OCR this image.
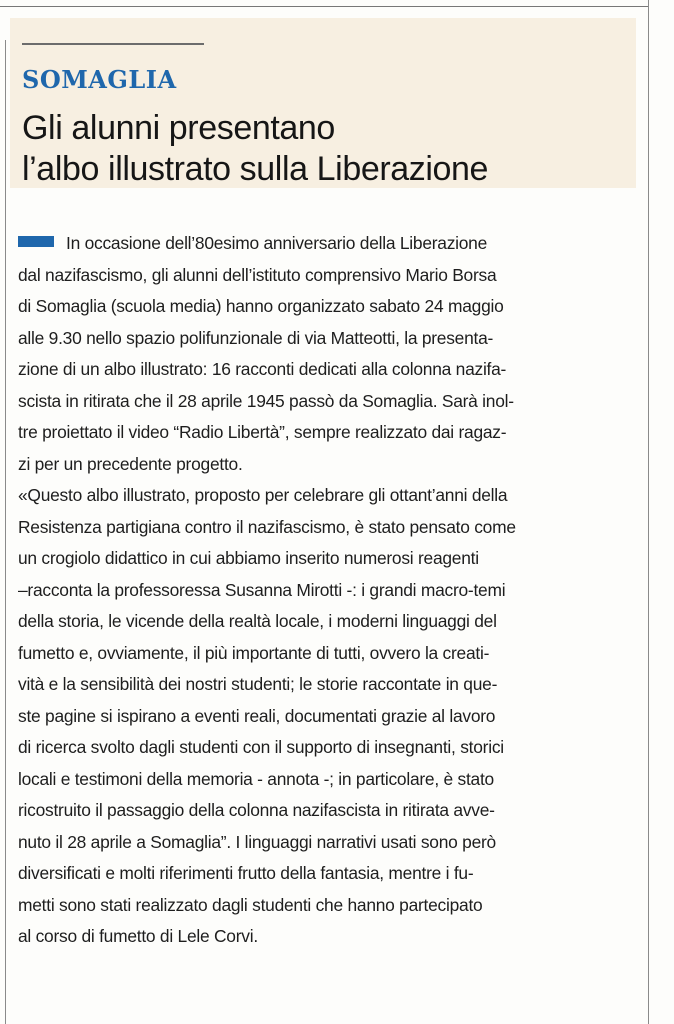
SOMAGLIA
Gli alunni presentano
l’albo illustrato sulla Liberazione

In occasione dell’80esimo anniversario della Liberazione
dal nazifascismo, gli alunni dell’istituto comprensivo Mario Borsa
di Somaglia (scuola media) hanno organizzato sabato 24 maggio
alle 9.30 nello spazio polifunzionale di via Matteotti, la presenta-
zione di un albo illustrato: 16 racconti dedicati alla colonna nazifa-
scista in ritirata che il 28 aprile 1945 passò da Somaglia. Sarà inol-
tre proiettato il video “Radio Libertà”, sempre realizzato dai ragaz-
zi per un precedente progetto.

«Questo albo illustrato, proposto per celebrare gli ottant’anni della
Resistenza partigiana contro il nazifascismo, è stato pensato come
un crogiolo didattico in cui abbiamo inserito numerosi reagenti
–racconta la professoressa Susanna Mirotti -: i grandi macro-temi
della storia, le vicende della realtà locale, i moderni linguaggi del
fumetto e, ovviamente, il più importante di tutti, ovvero la creati-
vità e la sensibilità dei nostri studenti; le storie raccontate in que-
ste pagine si ispirano a eventi reali, documentati grazie al lavoro
di ricerca svolto dagli studenti con il supporto di insegnanti, storici
locali e testimoni della memoria - annota -; in particolare, è stato
ricostruito il passaggio della colonna nazifascista in ritirata avve-
nuto il 28 aprile a Somaglia”. I linguaggi narrativi usati sono però
diversificati e molti riferimenti frutto della fantasia, mentre i fu-
metti sono stati realizzato dagli studenti che hanno partecipato
al corso di fumetto di Lele Corvi.
